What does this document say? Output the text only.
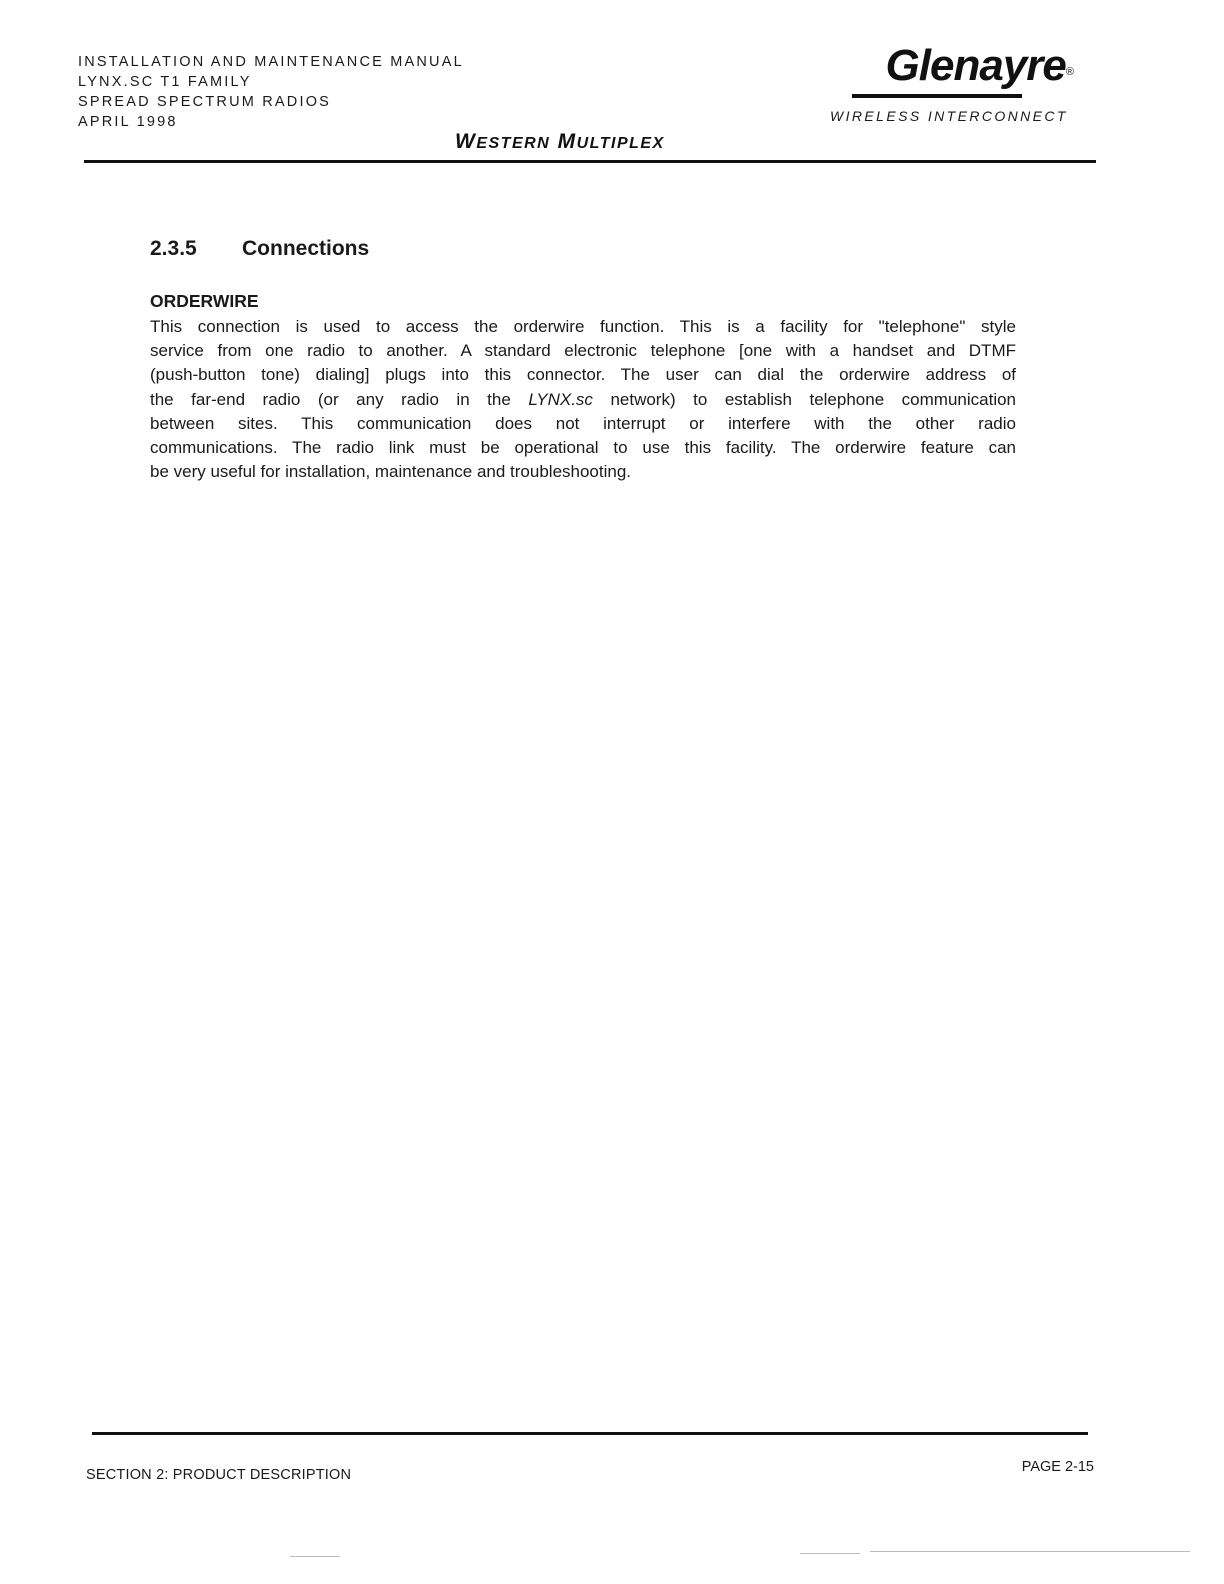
INSTALLATION AND MAINTENANCE MANUAL
LYNX.SC T1 FAMILY
SPREAD SPECTRUM RADIOS
APRIL 1998
Glenayre®
WIRELESS INTERCONNECT
WESTERN MULTIPLEX
2.3.5 Connections
ORDERWIRE
This connection is used to access the orderwire function. This is a facility for "telephone" style
service from one radio to another. A standard electronic telephone [one with a handset and DTMF
(push-button tone) dialing] plugs into this connector. The user can dial the orderwire address of
the far-end radio (or any radio in the LYNX.sc network) to establish telephone communication
between sites. This communication does not interrupt or interfere with the other radio
communications. The radio link must be operational to use this facility. The orderwire feature can
be very useful for installation, maintenance and troubleshooting.
SECTION 2: PRODUCT DESCRIPTION	PAGE 2-15
